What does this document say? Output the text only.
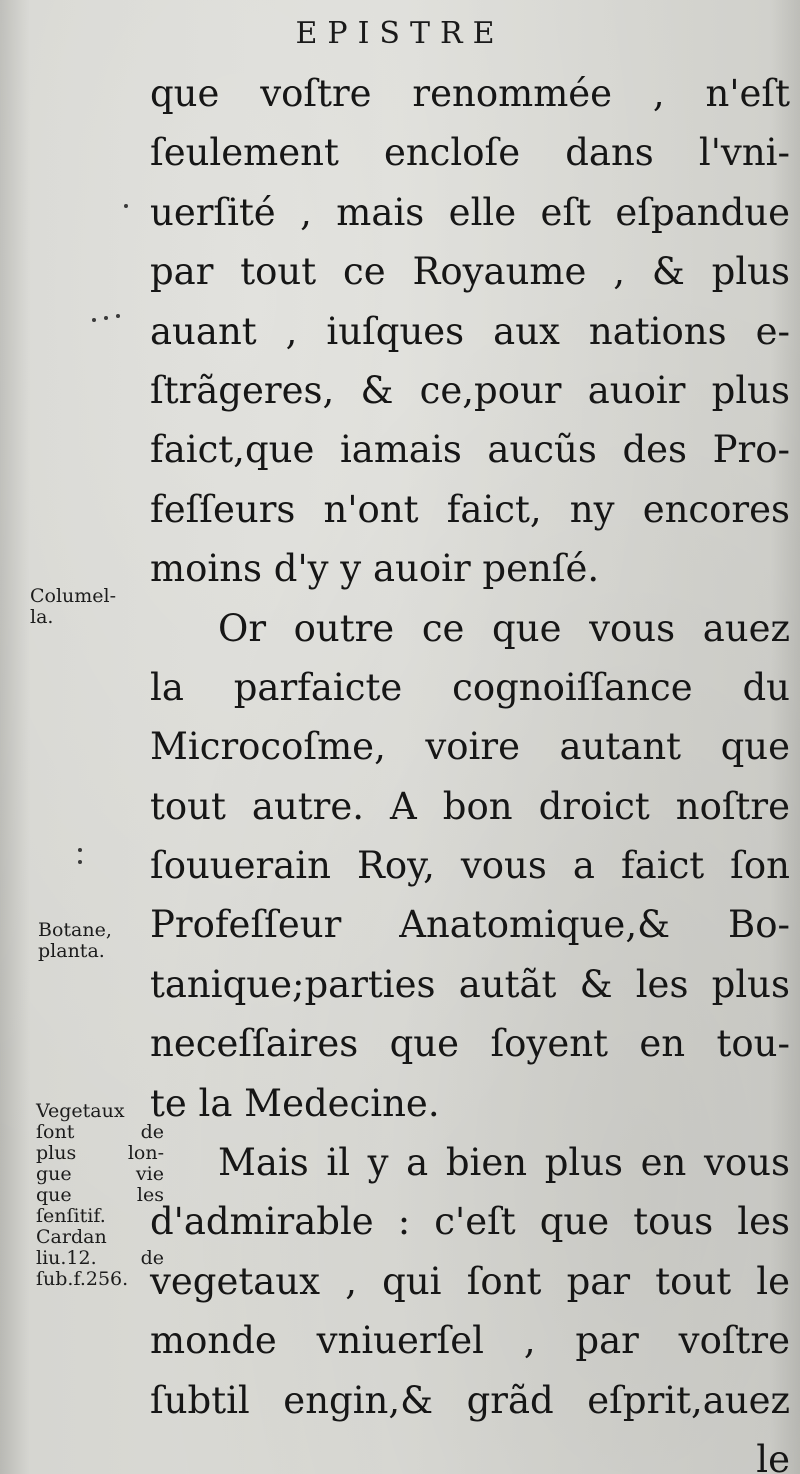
EPISTRE
que voſtre renommée , n'eſt
ſeulement encloſe dans l'vni-
uerſité , mais elle eſt eſpandue
par tout ce Royaume , & plus
auant , iuſques aux nations e-
ſtrãgeres, & ce,pour auoir plus
faict,que iamais aucũs des Pro-
feſſeurs n'ont faict, ny encores
moins d'y y auoir penſé.
Or outre ce que vous auez
la parfaicte cognoiſſance du
Microcoſme, voire autant que
tout autre. A bon droict noſtre
ſouuerain Roy, vous a faict ſon
Profeſſeur Anatomique,& Bo-
tanique;parties autãt & les plus
neceſſaires que ſoyent en tou-
te la Medecine.
Mais il y a bien plus en vous
d'admirable : c'eſt que tous les
vegetaux , qui ſont par tout le
monde vniuerſel , par voſtre
ſubtil engin,& grãd eſprit,auez
le
Columel-
la.
Botane,
planta.
Vegetaux
ſont de
plus lon-
gue vie
que les
ſenſitif.
Cardan
liu.12. de
ſub.f.256.
